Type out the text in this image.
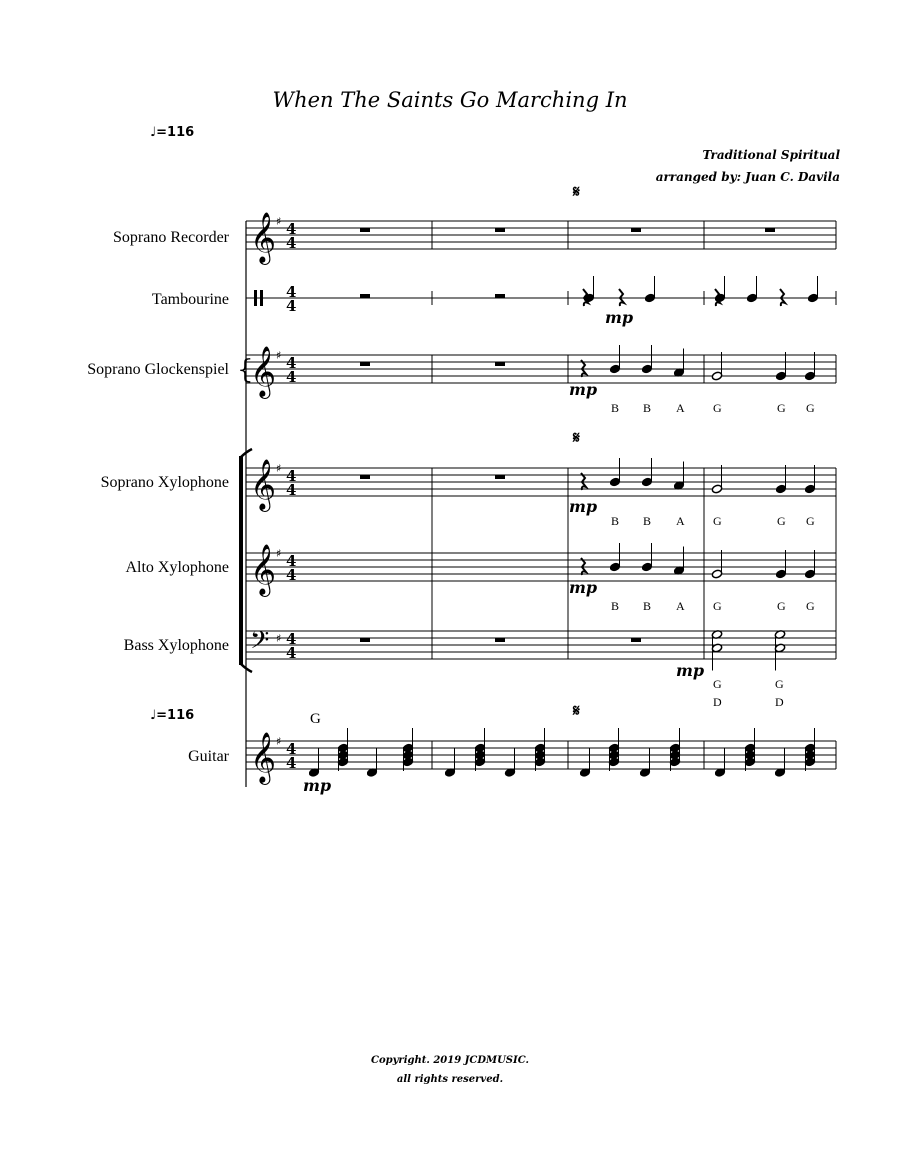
When The Saints Go Marching In
♩=116
Traditional Spiritual
arranged by: Juan C. Davila
Soprano Recorder
Tambourine
Soprano Glockenspiel
Soprano Xylophone
Alto Xylophone
Bass Xylophone
Guitar
{
𝄞 ♯ 4
4
𝄞 ♯ 4
4
𝄞 ♯ 4
4
𝄞 ♯ 4
4
𝄞 ♯ 4
4
𝄢 ♯ 4
4
4
4
𝄋
𝄋
𝄋
♩=116	G
mp
mp
mp
mp
mp
mp
B B A G	G G
B B A G	G G
B B A G	G G
G	G
D	D
Copyright. 2019 JCDMUSIC.
all rights reserved.
